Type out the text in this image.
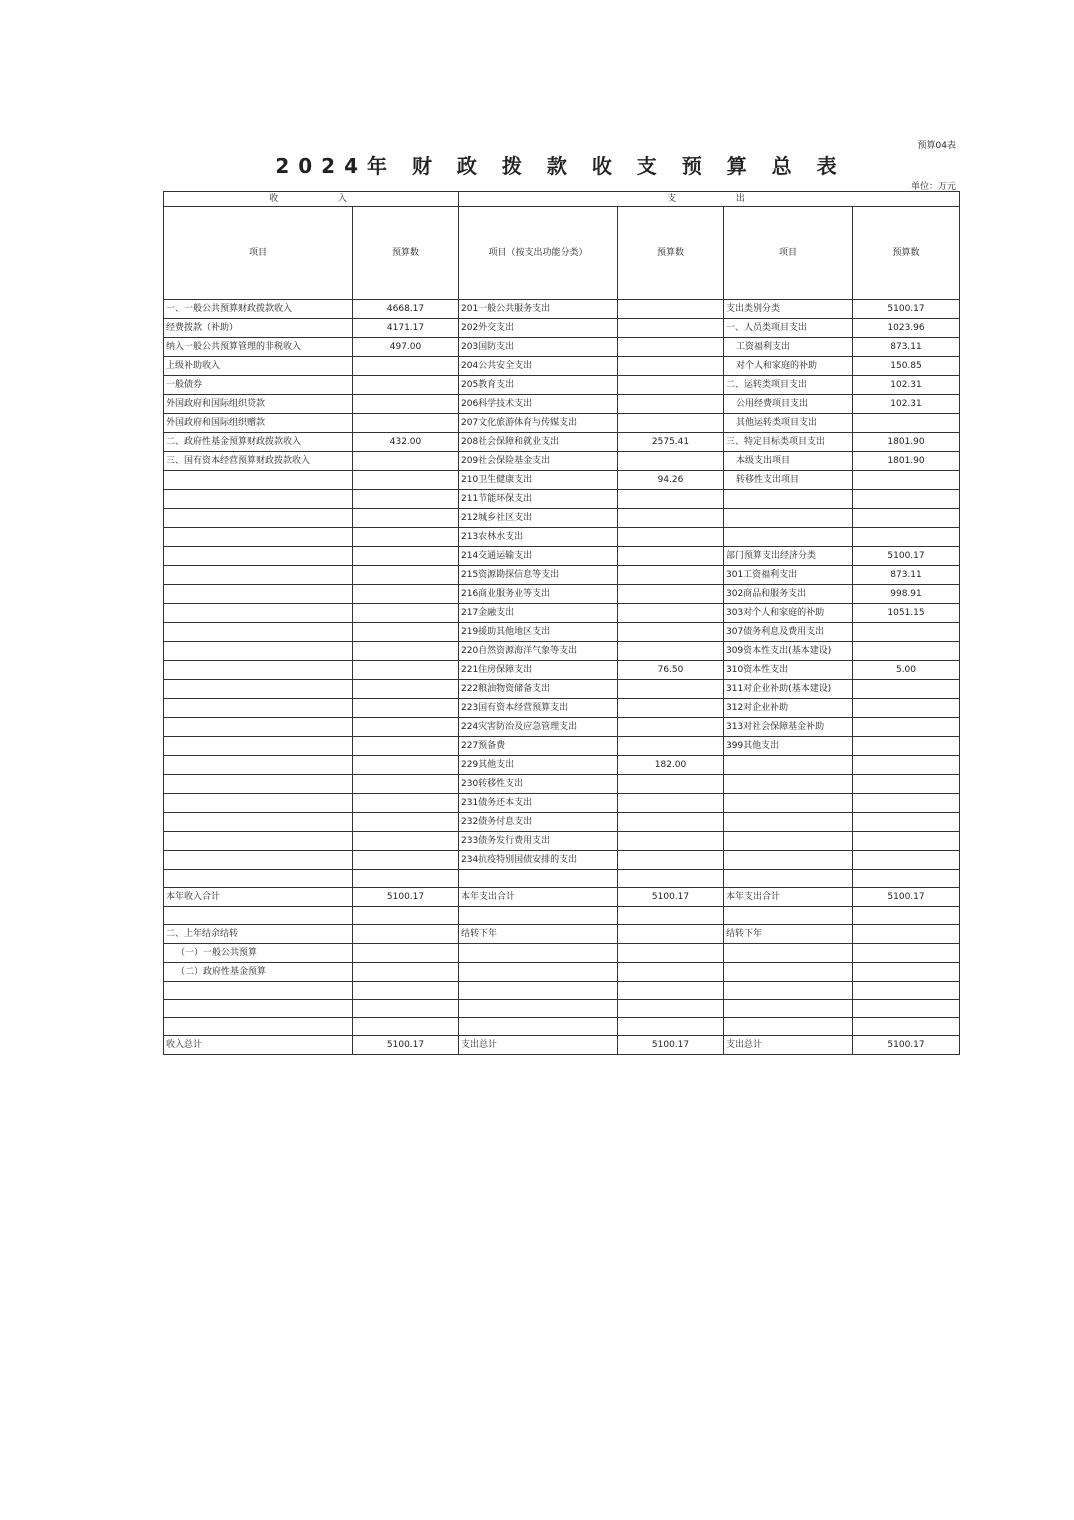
预算04表
2024年 财 政 拨 款 收 支 预 算 总 表
单位：万元
收 　　　入		支 　　　出			
项目	预算数	项目（按支出功能分类）	预算数	项目	预算数
一、一般公共预算财政拨款收入	4668.17	201一般公共服务支出		支出类别分类	5100.17
经费拨款（补助）	4171.17	202外交支出		一、人员类项目支出	1023.96
纳入一般公共预算管理的非税收入	497.00	203国防支出		工资福利支出	873.11
上级补助收入		204公共安全支出		对个人和家庭的补助	150.85
一般债券		205教育支出		二、运转类项目支出	102.31
外国政府和国际组织贷款		206科学技术支出		公用经费项目支出	102.31
外国政府和国际组织赠款		207文化旅游体育与传媒支出		其他运转类项目支出	
二、政府性基金预算财政拨款收入	432.00	208社会保障和就业支出	2575.41	三、特定目标类项目支出	1801.90
三、国有资本经营预算财政拨款收入		209社会保险基金支出		本级支出项目	1801.90
		210卫生健康支出	94.26	转移性支出项目	
		211节能环保支出			
		212城乡社区支出			
		213农林水支出			
		214交通运输支出		部门预算支出经济分类	5100.17
		215资源勘探信息等支出		301工资福利支出	873.11
		216商业服务业等支出		302商品和服务支出	998.91
		217金融支出		303对个人和家庭的补助	1051.15
		219援助其他地区支出		307债务利息及费用支出	
		220自然资源海洋气象等支出		309资本性支出(基本建设)	
		221住房保障支出	76.50	310资本性支出	5.00
		222粮油物资储备支出		311对企业补助(基本建设)	
		223国有资本经营预算支出		312对企业补助	
		224灾害防治及应急管理支出		313对社会保障基金补助	
		227预备费		399其他支出	
		229其他支出	182.00		
		230转移性支出			
		231债务还本支出			
		232债务付息支出			
		233债务发行费用支出			
		234抗疫特别国债安排的支出			

本年收入合计	5100.17	本年支出合计	5100.17	本年支出合计	5100.17

二、上年结余结转		结转下年		结转下年	
（一）一般公共预算					
（二）政府性基金预算					

收入总计	5100.17	支出总计	5100.17	支出总计	5100.17
